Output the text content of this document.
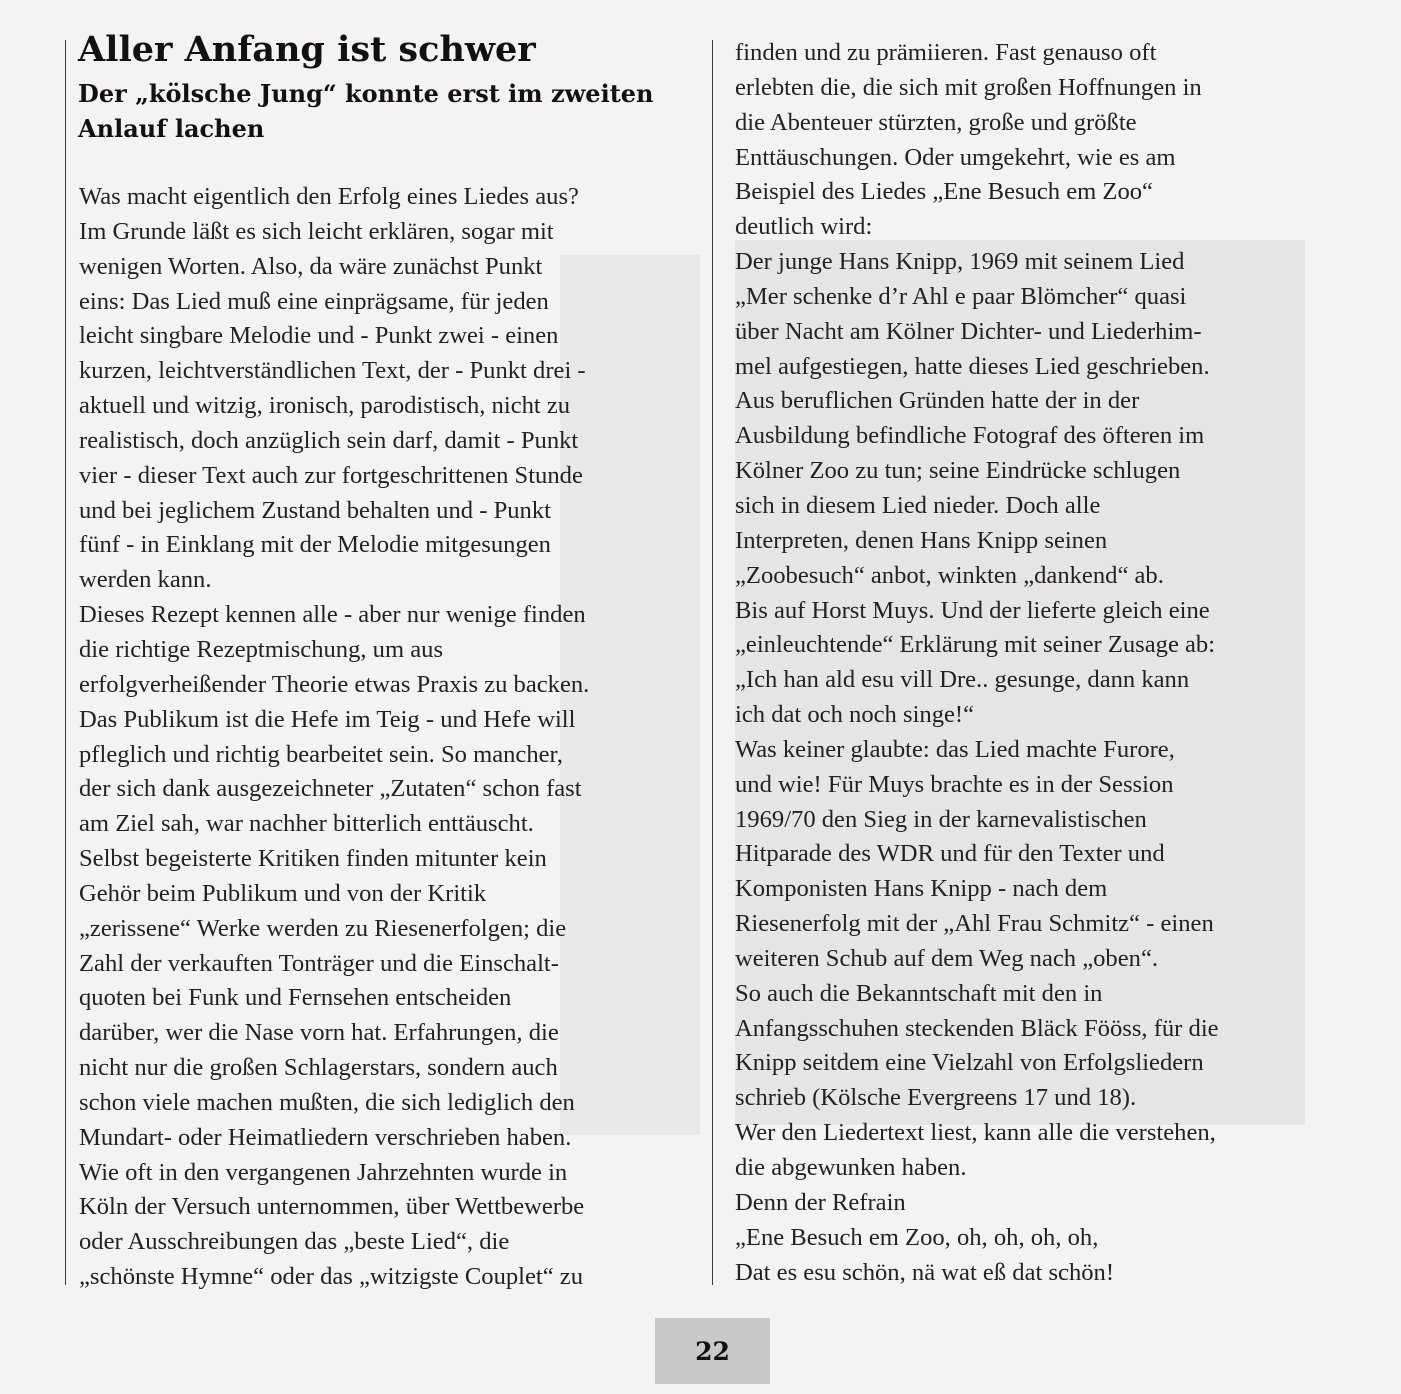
Aller Anfang ist schwer
Der „kölsche Jung“ konnte erst im zweiten Anlauf lachen
Was macht eigentlich den Erfolg eines Liedes aus?
Im Grunde läßt es sich leicht erklären, sogar mit
wenigen Worten. Also, da wäre zunächst Punkt
eins: Das Lied muß eine einprägsame, für jeden
leicht singbare Melodie und - Punkt zwei - einen
kurzen, leichtverständlichen Text, der - Punkt drei -
aktuell und witzig, ironisch, parodistisch, nicht zu
realistisch, doch anzüglich sein darf, damit - Punkt
vier - dieser Text auch zur fortgeschrittenen Stunde
und bei jeglichem Zustand behalten und - Punkt
fünf - in Einklang mit der Melodie mitgesungen
werden kann.
Dieses Rezept kennen alle - aber nur wenige finden
die richtige Rezeptmischung, um aus
erfolgverheißender Theorie etwas Praxis zu backen.
Das Publikum ist die Hefe im Teig - und Hefe will
pfleglich und richtig bearbeitet sein. So mancher,
der sich dank ausgezeichneter „Zutaten“ schon fast
am Ziel sah, war nachher bitterlich enttäuscht.
Selbst begeisterte Kritiken finden mitunter kein
Gehör beim Publikum und von der Kritik
„zerissene“ Werke werden zu Riesenerfolgen; die
Zahl der verkauften Tonträger und die Einschalt-
quoten bei Funk und Fernsehen entscheiden
darüber, wer die Nase vorn hat. Erfahrungen, die
nicht nur die großen Schlagerstars, sondern auch
schon viele machen mußten, die sich lediglich den
Mundart- oder Heimatliedern verschrieben haben.
Wie oft in den vergangenen Jahrzehnten wurde in
Köln der Versuch unternommen, über Wettbewerbe
oder Ausschreibungen das „beste Lied“, die
„schönste Hymne“ oder das „witzigste Couplet“ zu
finden und zu prämiieren. Fast genauso oft
erlebten die, die sich mit großen Hoffnungen in
die Abenteuer stürzten, große und größte
Enttäuschungen. Oder umgekehrt, wie es am
Beispiel des Liedes „Ene Besuch em Zoo“
deutlich wird:
Der junge Hans Knipp, 1969 mit seinem Lied
„Mer schenke d’r Ahl e paar Blömcher“ quasi
über Nacht am Kölner Dichter- und Liederhim-
mel aufgestiegen, hatte dieses Lied geschrieben.
Aus beruflichen Gründen hatte der in der
Ausbildung befindliche Fotograf des öfteren im
Kölner Zoo zu tun; seine Eindrücke schlugen
sich in diesem Lied nieder. Doch alle
Interpreten, denen Hans Knipp seinen
„Zoobesuch“ anbot, winkten „dankend“ ab.
Bis auf Horst Muys. Und der lieferte gleich eine
„einleuchtende“ Erklärung mit seiner Zusage ab:
„Ich han ald esu vill Dre.. gesunge, dann kann
ich dat och noch singe!“
Was keiner glaubte: das Lied machte Furore,
und wie! Für Muys brachte es in der Session
1969/70 den Sieg in der karnevalistischen
Hitparade des WDR und für den Texter und
Komponisten Hans Knipp - nach dem
Riesenerfolg mit der „Ahl Frau Schmitz“ - einen
weiteren Schub auf dem Weg nach „oben“.
So auch die Bekanntschaft mit den in
Anfangsschuhen steckenden Bläck Fööss, für die
Knipp seitdem eine Vielzahl von Erfolgsliedern
schrieb (Kölsche Evergreens 17 und 18).
Wer den Liedertext liest, kann alle die verstehen,
die abgewunken haben.
Denn der Refrain
„Ene Besuch em Zoo, oh, oh, oh, oh,
Dat es esu schön, nä wat eß dat schön!
22
